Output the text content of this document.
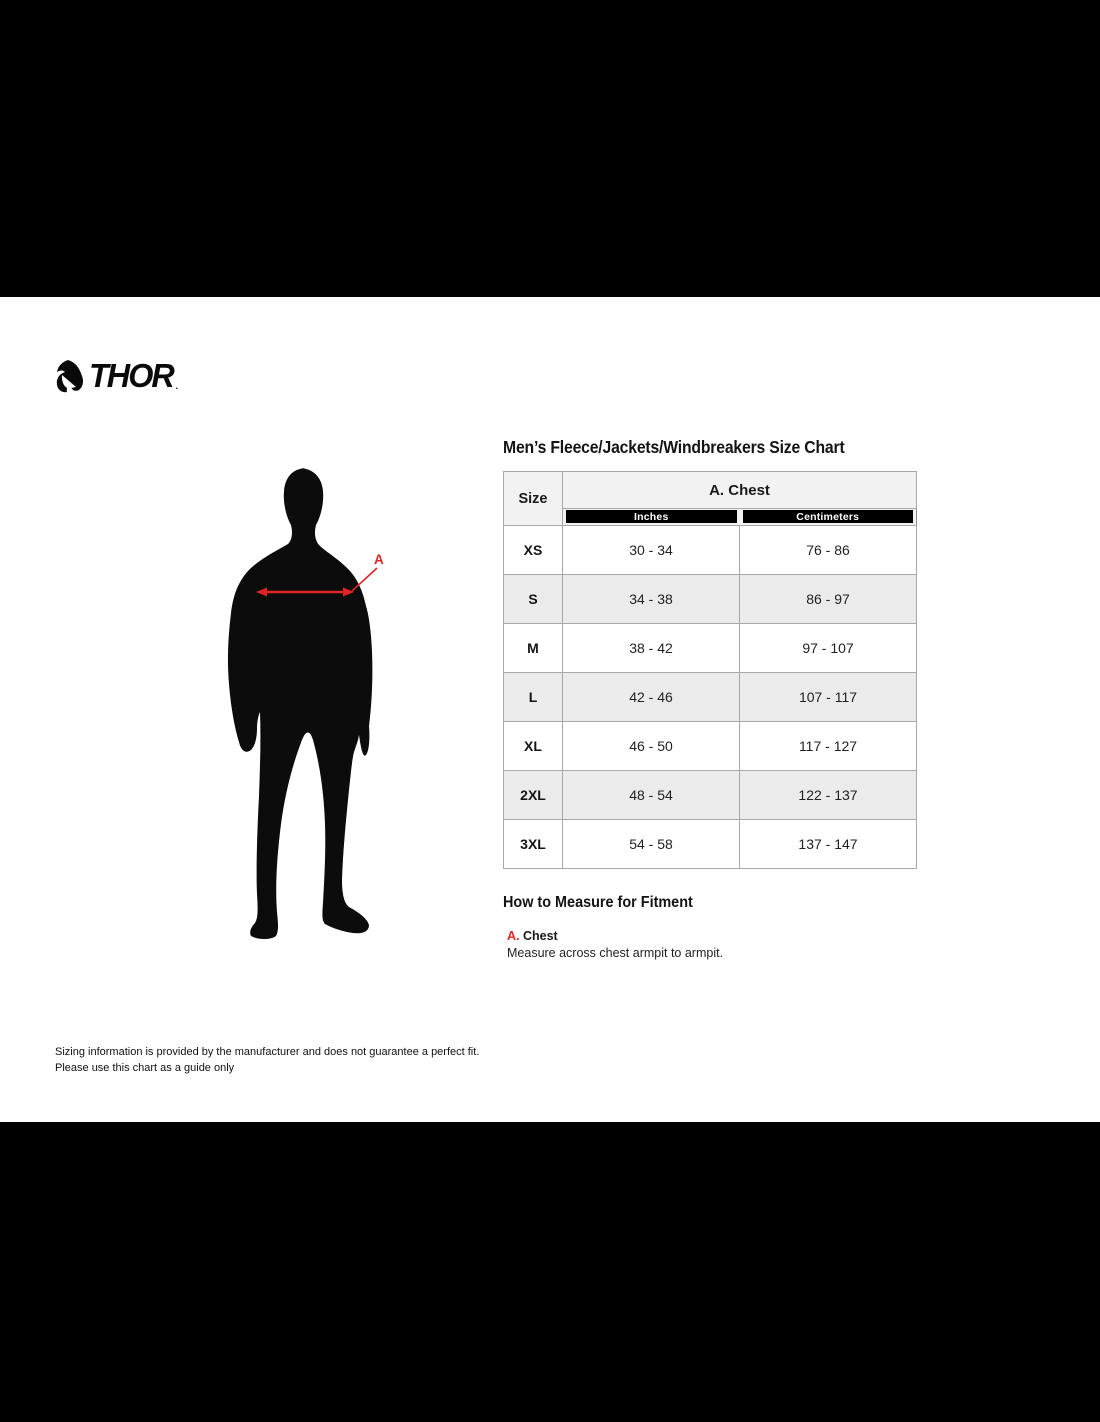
THOR .
A
Men’s Fleece/Jackets/Windbreakers Size Chart
Size	A. Chest	

Inches	Centimeters

XS	30 - 34	76 - 86
S	34 - 38	86 - 97
M	38 - 42	97 - 107
L	42 - 46	107 - 117
XL	46 - 50	117 - 127
2XL	48 - 54	122 - 137
3XL	54 - 58	137 - 147
How to Measure for Fitment
A. Chest
Measure across chest armpit to armpit.
Sizing information is provided by the manufacturer and does not guarantee a perfect fit.
Please use this chart as a guide only
